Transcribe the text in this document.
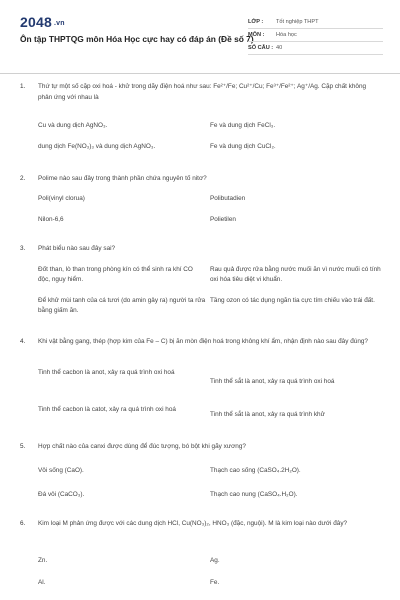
2048 .vn
Ôn tập THPTQG môn Hóa Học cực hay có đáp án (Đề số 7)
LỚP :	Tốt nghiệp THPT
MÔN :	Hóa học
SỐ CÂU : 40
1. Thứ tự một số cặp oxi hoá - khử trong dãy điện hoá như sau: Fe²⁺/Fe; Cu²⁺/Cu; Fe³⁺/Fe²⁺; Ag⁺/Ag. Cặp chất không phản ứng với nhau là
Cu và dung dịch AgNO₃.	Fe và dung dịch FeCl₃.
dung dịch Fe(NO₃)₃ và dung dịch AgNO₃.	Fe và dung dịch CuCl₂.
2. Polime nào sau đây trong thành phần chứa nguyên tố nitơ?
Poli(vinyl clorua)	Polibutadien
Nilon-6,6	Polietilen
3. Phát biểu nào sau đây sai?
Đốt than, lò than trong phòng kín có thể sinh ra khí CO độc, nguy hiểm.
Rau quả được rửa bằng nước muối ăn vì nước muối có tính oxi hóa tiêu diệt vi khuẩn.
Để khử mùi tanh của cá tươi (do amin gây ra) người ta rửa bằng giấm ăn.
Tầng ozon có tác dụng ngăn tia cực tím chiếu vào trái đất.
4. Khi vật bằng gang, thép (hợp kim của Fe – C) bị ăn mòn điện hoá trong không khí ẩm, nhận định nào sau đây đúng?
Tinh thể cacbon là anot, xảy ra quá trình oxi hoá
Tinh thể sắt là anot, xảy ra quá trình oxi hoá
Tinh thể cacbon là catot, xảy ra quá trình oxi hoá
Tinh thể sắt là anot, xảy ra quá trình khử
5. Hợp chất nào của canxi được dùng để đúc tượng, bó bột khi gãy xương?
Vôi sống (CaO).	Thạch cao sống (CaSO₄.2H₂O).
Đá vôi (CaCO₃).	Thạch cao nung (CaSO₄.H₂O).
6. Kim loại M phản ứng được với các dung dịch HCl, Cu(NO₃)₂, HNO₃ (đặc, nguội). M là kim loại nào dưới đây?
Zn.	Ag.
Al.	Fe.
